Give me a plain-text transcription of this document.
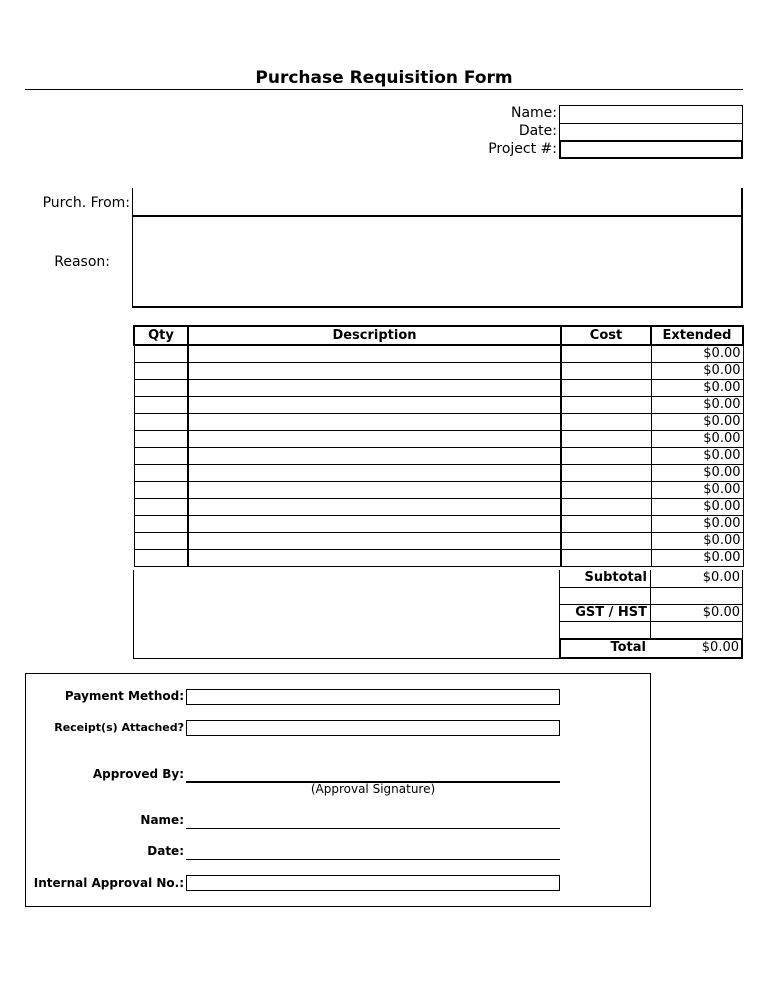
Purchase Requisition Form
Name:
Date:
Project #:
Purch. From:
Reason:
Qty	Description	Cost	Extended
			$0.00
			$0.00
			$0.00
			$0.00
			$0.00
			$0.00
			$0.00
			$0.00
			$0.00
			$0.00
			$0.00
			$0.00
			$0.00
Subtotal	$0.00
GST / HST	$0.00
Total	$0.00
Payment Method:
Receipt(s) Attached?
Approved By:
(Approval Signature)
Name:
Date:
Internal Approval No.:
